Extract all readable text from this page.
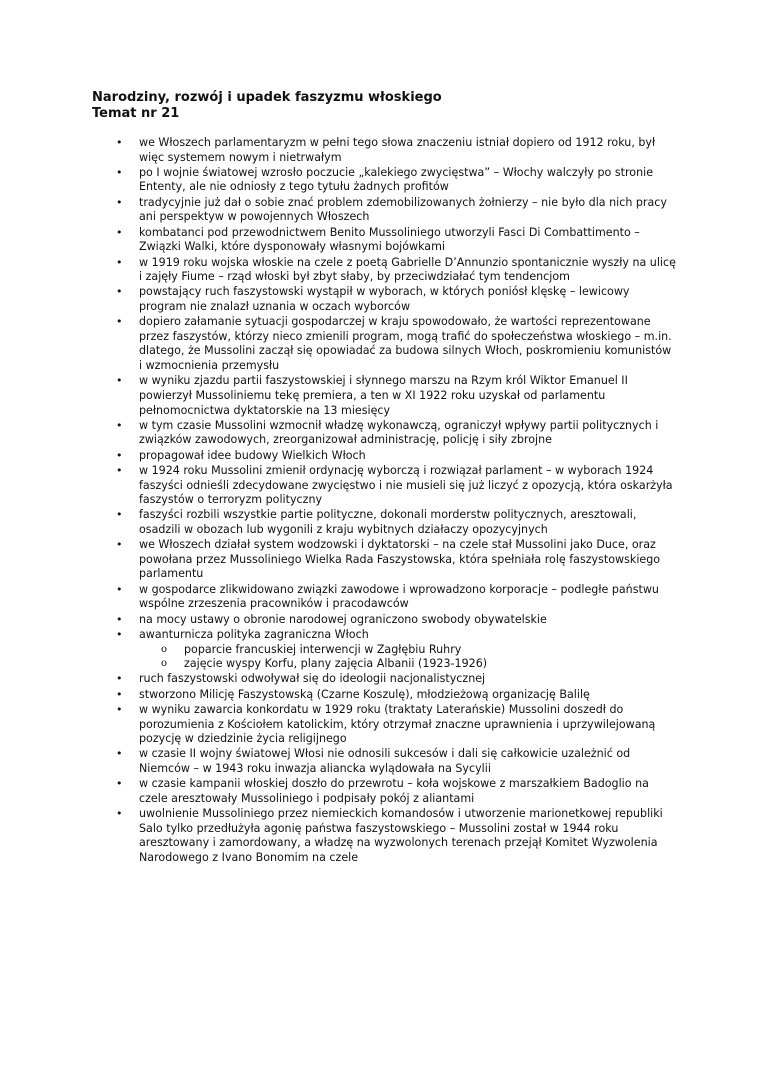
Narodziny, rozwój i upadek faszyzmu włoskiego

Temat nr 21

• we Włoszech parlamentaryzm w pełni tego słowa znaczeniu istniał dopiero od 1912 roku, był więc systemem nowym i nietrwałym
• po I wojnie światowej wzrosło poczucie „kalekiego zwycięstwa” – Włochy walczyły po stronie Ententy, ale nie odniosły z tego tytułu żadnych profitów
• tradycyjnie już dał o sobie znać problem zdemobilizowanych żołnierzy – nie było dla nich pracy ani perspektyw w powojennych Włoszech
• kombatanci pod przewodnictwem Benito Mussoliniego utworzyli Fasci Di Combattimento – Związki Walki, które dysponowały własnymi bojówkami
• w 1919 roku wojska włoskie na czele z poetą Gabrielle D’Annunzio spontanicznie wyszły na ulicę i zajęły Fiume – rząd włoski był zbyt słaby, by przeciwdziałać tym tendencjom
• powstający ruch faszystowski wystąpił w wyborach, w których poniósł klęskę – lewicowy program nie znalazł uznania w oczach wyborców
• dopiero załamanie sytuacji gospodarczej w kraju spowodowało, że wartości reprezentowane przez faszystów, którzy nieco zmienili program, mogą trafić do społeczeństwa włoskiego – m.in. dlatego, że Mussolini zaczął się opowiadać za budowa silnych Włoch, poskromieniu komunistów i wzmocnienia przemysłu
• w wyniku zjazdu partii faszystowskiej i słynnego marszu na Rzym król Wiktor Emanuel II powierzył Mussoliniemu tekę premiera, a ten w XI 1922 roku uzyskał od parlamentu pełnomocnictwa dyktatorskie na 13 miesięcy
• w tym czasie Mussolini wzmocnił władzę wykonawczą, ograniczył wpływy partii politycznych i związków zawodowych, zreorganizował administrację, policję i siły zbrojne
• propagował idee budowy Wielkich Włoch
• w 1924 roku Mussolini zmienił ordynację wyborczą i rozwiązał parlament – w wyborach 1924 faszyści odnieśli zdecydowane zwycięstwo i nie musieli się już liczyć z opozycją, która oskarżyła faszystów o terroryzm polityczny
• faszyści rozbili wszystkie partie polityczne, dokonali morderstw politycznych, aresztowali, osadzili w obozach lub wygonili z kraju wybitnych działaczy opozycyjnych
• we Włoszech działał system wodzowski i dyktatorski – na czele stał Mussolini jako Duce, oraz powołana przez Mussoliniego Wielka Rada Faszystowska, która spełniała rolę faszystowskiego parlamentu
• w gospodarce zlikwidowano związki zawodowe i wprowadzono korporacje – podległe państwu wspólne zrzeszenia pracowników i pracodawców
• na mocy ustawy o obronie narodowej ograniczono swobody obywatelskie
• awanturnicza polityka zagraniczna Włoch
o poparcie francuskiej interwencji w Zagłębiu Ruhry
o zajęcie wyspy Korfu, plany zajęcia Albanii (1923-1926)
• ruch faszystowski odwoływał się do ideologii nacjonalistycznej
• stworzono Milicję Faszystowską (Czarne Koszulę), młodzieżową organizację Balilę
• w wyniku zawarcia konkordatu w 1929 roku (traktaty Laterańskie) Mussolini doszedł do porozumienia z Kościołem katolickim, który otrzymał znaczne uprawnienia i uprzywilejowaną pozycję w dziedzinie życia religijnego
• w czasie II wojny światowej Włosi nie odnosili sukcesów i dali się całkowicie uzależnić od Niemców – w 1943 roku inwazja aliancka wylądowała na Sycylii
• w czasie kampanii włoskiej doszło do przewrotu – koła wojskowe z marszałkiem Badoglio na czele aresztowały Mussoliniego i podpisały pokój z aliantami
• uwolnienie Mussoliniego przez niemieckich komandosów i utworzenie marionetkowej republiki Salo tylko przedłużyła agonię państwa faszystowskiego – Mussolini został w 1944 roku aresztowany i zamordowany, a władzę na wyzwolonych terenach przejął Komitet Wyzwolenia Narodowego z Ivano Bonomim na czele
